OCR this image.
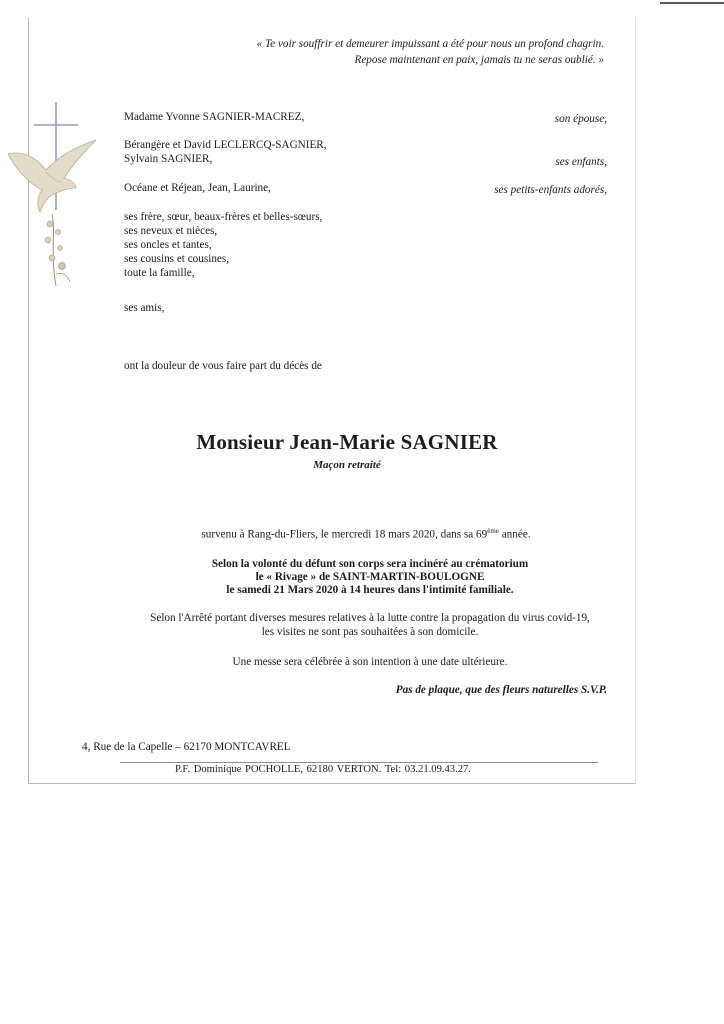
« Te voir souffrir et demeurer impuissant a été pour nous un profond chagrin.
Repose maintenant en paix, jamais tu ne seras oublié. »
Madame Yvonne SAGNIER-MACREZ,	son épouse,
Bérangère et David LECLERCQ-SAGNIER,
Sylvain SAGNIER,	ses enfants,
Océane et Réjean, Jean, Laurine,	ses petits-enfants adorés,
ses frère, sœur, beaux-frères et belles-sœurs,
ses neveux et nièces,
ses oncles et tantes,
ses cousins et cousines,
toute la famille,
ses amis,
ont la douleur de vous faire part du décès de
Monsieur Jean-Marie SAGNIER
Maçon retraité
survenu à Rang-du-Fliers, le mercredi 18 mars 2020, dans sa 69ème année.
Selon la volonté du défunt son corps sera incinéré au crématorium
le « Rivage » de SAINT-MARTIN-BOULOGNE
le samedi 21 Mars 2020 à 14 heures dans l'intimité familiale.
Selon l'Arrêté portant diverses mesures relatives à la lutte contre la propagation du virus covid-19,
les visites ne sont pas souhaitées à son domicile.
Une messe sera célébrée à son intention à une date ultérieure.
Pas de plaque, que des fleurs naturelles S.V.P.
4, Rue de la Capelle – 62170 MONTCAVREL
P.F. Dominique POCHOLLE, 62180 VERTON. Tel: 03.21.09.43.27.
